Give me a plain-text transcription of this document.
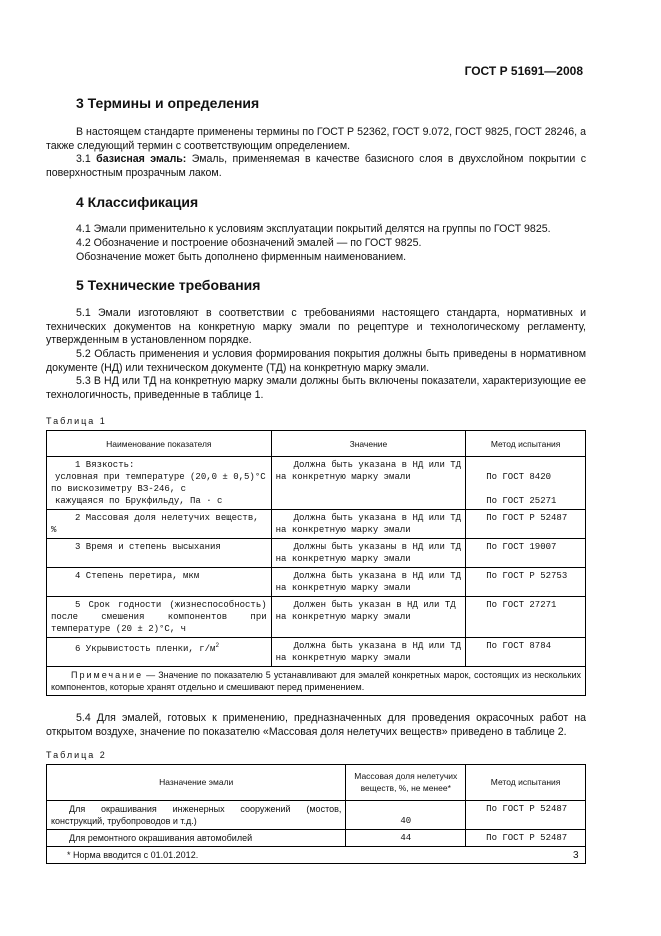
ГОСТ Р 51691—2008
3 Термины и определения

В настоящем стандарте применены термины по ГОСТ Р 52362, ГОСТ 9.072, ГОСТ 9825, ГОСТ 28246, а также следующий термин с соответствующим определением.

3.1 базисная эмаль: Эмаль, применяемая в качестве базисного слоя в двухслойном покрытии с поверхностным прозрачным лаком.

4 Классификация

4.1 Эмали применительно к условиям эксплуатации покрытий делятся на группы по ГОСТ 9825.

4.2 Обозначение и построение обозначений эмалей — по ГОСТ 9825.

Обозначение может быть дополнено фирменным наименованием.

5 Технические требования

5.1 Эмали изготовляют в соответствии с требованиями настоящего стандарта, нормативных и технических документов на конкретную марку эмали по рецептуре и технологическому регламенту, утвержденным в установленном порядке.

5.2 Область применения и условия формирования покрытия должны быть приведены в нормативном документе (НД) или техническом документе (ТД) на конкретную марку эмали.

5.3 В НД или ТД на конкретную марку эмали должны быть включены показатели, характеризующие ее технологичность, приведенные в таблице 1.

Таблица 1
Наименование показателя	Значение	Метод испытания

1 Вязкость:
условная при температуре (20,0 ± 0,5)°С
по вискозиметру ВЗ-246, с
кажущаяся по Брукфильду, Па · с	Должна быть указана в НД или ТД на конкретную марку эмали	По ГОСТ 8420
По ГОСТ 25271

2 Массовая доля нелетучих веществ, %	Должна быть указана в НД или ТД на конкретную марку эмали	По ГОСТ Р 52487

3 Время и степень высыхания	Должны быть указаны в НД или ТД на конкретную марку эмали	По ГОСТ 19007

4 Степень перетира, мкм	Должна быть указана в НД или ТД на конкретную марку эмали	По ГОСТ Р 52753

5 Срок годности (жизнеспособность) после смешения компонентов при температуре (20 ± 2)°С, ч	Должен быть указан в НД или ТД на конкретную марку эмали	По ГОСТ 27271

6 Укрывистость пленки, $г/м^2$	Должна быть указана в НД или ТД на конкретную марку эмали	По ГОСТ 8784
Примечание — Значение по показателю 5 устанавливают для эмалей конкретных марок, состоящих из нескольких компонентов, которые хранят отдельно и смешивают перед применением.		

5.4 Для эмалей, готовых к применению, предназначенных для проведения окрасочных работ на открытом воздухе, значение по показателю «Массовая доля нелетучих веществ» приведено в таблице 2.

Таблица 2
Назначение эмали	Массовая доля нелетучих веществ, %, не менее*	Метод испытания
Для окрашивания инженерных сооружений (мостов, конструкций, трубопроводов и т.д.)	40	По ГОСТ Р 52487
Для ремонтного окрашивания автомобилей	44	По ГОСТ Р 52487
* Норма вводится с 01.01.2012.			3
